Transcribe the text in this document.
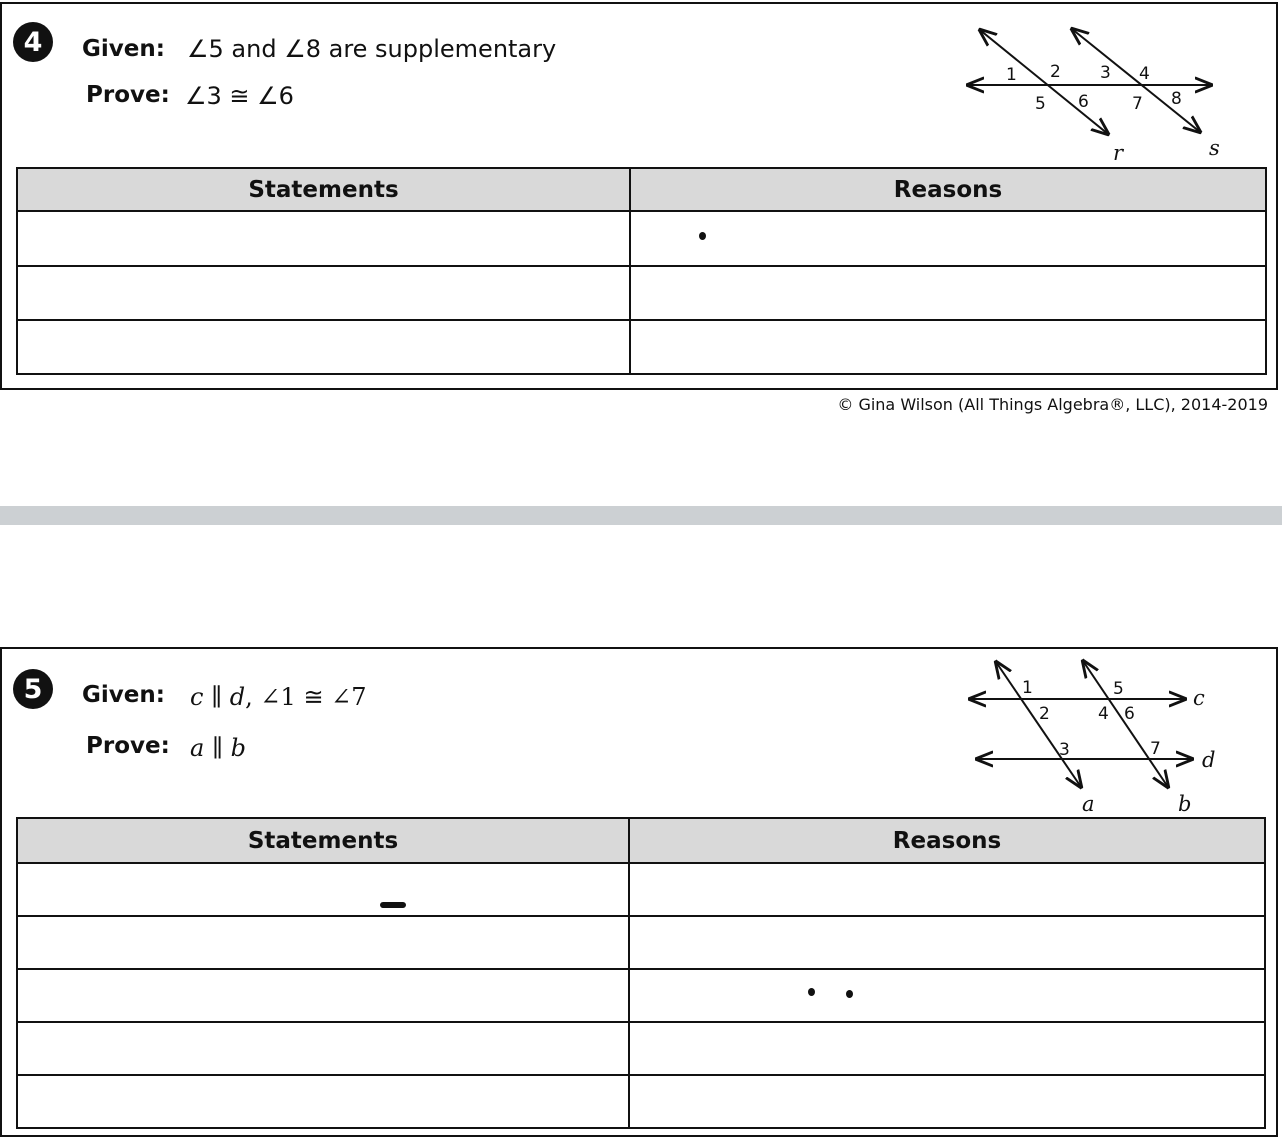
4	Given: ∠5 and ∠8 are supplementary
Prove: ∠3 ≅ ∠6
1 2 3 4
5 6	7 8
r	s
Statements	Reasons

© Gina Wilson (All Things Algebra®, LLC), 2014-2019
5	Given: c ∥ d, ∠1 ≅ ∠7
Prove: a ∥ b
1
2
3
4
5
6
7
c
d
a	b
Statements	Reasons
